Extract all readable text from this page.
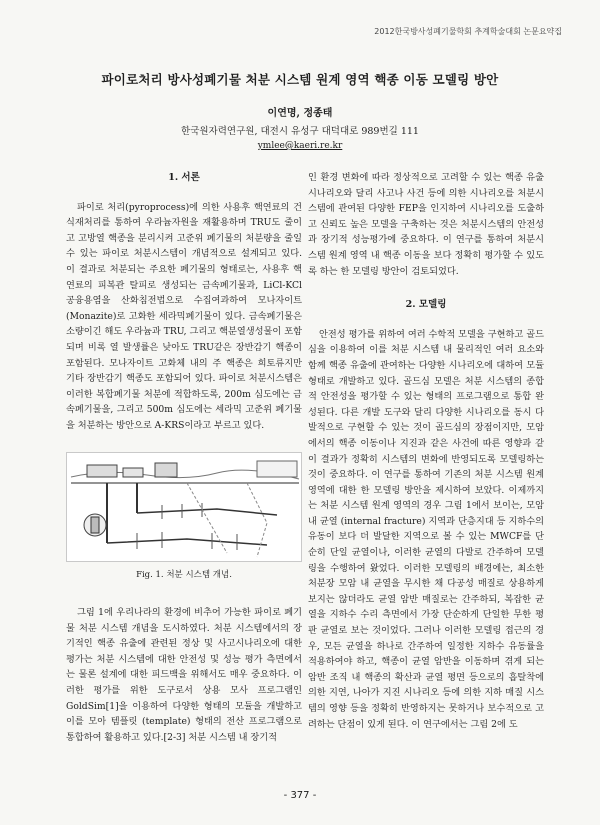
2012한국방사성폐기물학회 추계학술대회 논문요약집
파이로처리 방사성폐기물 처분 시스템 원계 영역 핵종 이동 모델링 방안
이연명, 정종태
한국원자력연구원, 대전시 유성구 대덕대로 989번길 111
ymlee@kaeri.re.kr
1. 서론

파이로 처리(pyroprocess)에 의한 사용후 핵연료의 건식재처리를 통하여 우라늄자원을 재활용하며 TRU도 줄이고 고방열 핵종을 분리시켜 고준위 폐기물의 처분량을 줄일 수 있는 파이로 처분시스템이 개념적으로 설계되고 있다. 이 결과로 처분되는 주요한 폐기물의 형태로는, 사용후 핵연료의 피복관 탈피로 생성되는 금속폐기물과, LiCl-KCl 공융용염을 산화침전법으로 수집여과하여 모나자이트(Monazite)로 고화한 세라믹폐기물이 있다. 금속폐기물은 소량이긴 해도 우라늄과 TRU, 그리고 핵분열생성물이 포함되며 비록 열 발생률은 낮아도 TRU같은 장반감기 핵종이 포함된다. 모나자이트 고화체 내의 주 핵종은 희토류지만 기타 장반감기 핵종도 포함되어 있다. 파이로 처분시스템은 이러한 복합폐기물 처분에 적합하도록, 200m 심도에는 금속폐기물을, 그리고 500m 심도에는 세라믹 고준위 폐기물을 처분하는 방안으로 A-KRS이라고 부르고 있다.

Fig. 1. 처분 시스템 개념.

그림 1에 우리나라의 환경에 비추어 가능한 파이로 폐기물 처분 시스템 개념을 도시하였다. 처분 시스템에서의 장기적인 핵종 유출에 관련된 정상 및 사고시나리오에 대한 평가는 처분 시스템에 대한 안전성 및 성능 평가 측면에서는 물론 설계에 대한 피드백을 위해서도 매우 중요하다. 이러한 평가를 위한 도구로서 상용 모사 프로그램인 GoldSim[1]을 이용하여 다양한 형태의 모듈을 개발하고 이를 모아 템플릿 (template) 형태의 전산 프로그램으로 통합하여 활용하고 있다.[2-3] 처분 시스템 내 장기적

인 환경 변화에 따라 정상적으로 고려할 수 있는 핵종 유출 시나리오와 달리 사고나 사건 등에 의한 시나리오를 처분시스템에 관여된 다양한 FEP을 인지하여 시나리오를 도출하고 신뢰도 높은 모델을 구축하는 것은 처분시스템의 안전성과 장기적 성능평가에 중요하다. 이 연구를 통하여 처분시스템 원계 영역 내 핵종 이동을 보다 정확히 평가할 수 있도록 하는 한 모델링 방안이 검토되었다.

2. 모델링

안전성 평가를 위하여 여러 수학적 모델을 구현하고 골드심을 이용하여 이를 처분 시스템 내 물리적인 여러 요소와 함께 핵종 유출에 관여하는 다양한 시나리오에 대하여 모듈 형태로 개발하고 있다. 골드심 모델은 처분 시스템의 종합적 안전성을 평가할 수 있는 형태의 프로그램으로 통합 완성된다. 다른 개발 도구와 달리 다양한 시나리오를 동시 다발적으로 구현할 수 있는 것이 골드심의 장점이지만, 모암에서의 핵종 이동이나 지진과 같은 사건에 따른 영향과 같이 결과가 정확히 시스템의 변화에 반영되도록 모델링하는 것이 중요하다. 이 연구를 통하여 기존의 처분 시스템 원계 영역에 대한 한 모델링 방안을 제시하여 보았다. 이제까지는 처분 시스템 원계 영역의 경우 그림 1에서 보이는, 모암 내 균열 (internal fracture) 지역과 단층지대 등 지하수의 유동이 보다 더 발달한 지역으로 볼 수 있는 MWCF를 단순히 단일 균열이나, 이러한 균열의 다발로 간주하여 모델링을 수행하여 왔었다. 이러한 모델링의 배경에는, 최소한 처분장 모암 내 균열을 무시한 채 다공성 매질로 상용하게 보지는 않더라도 균열 암반 매질로는 간주하되, 복잡한 균열을 지하수 수리 측면에서 가장 단순하게 단일한 무한 평판 균열로 보는 것이었다. 그러나 이러한 모델링 접근의 경우, 모든 균열을 하나로 간주하여 일정한 지하수 유동률을 적용하여야 하고, 핵종이 균열 암반을 이동하며 겪게 되는 암반 조직 내 핵종의 확산과 균열 평면 등으로의 흡탈착에 의한 지연, 나아가 지진 시나리오 등에 의한 지하 매질 시스템의 영향 등을 정확히 반영하지는 못하거나 보수적으로 고려하는 단점이 있게 된다. 이 연구에서는 그림 2에 도

- 377 -
